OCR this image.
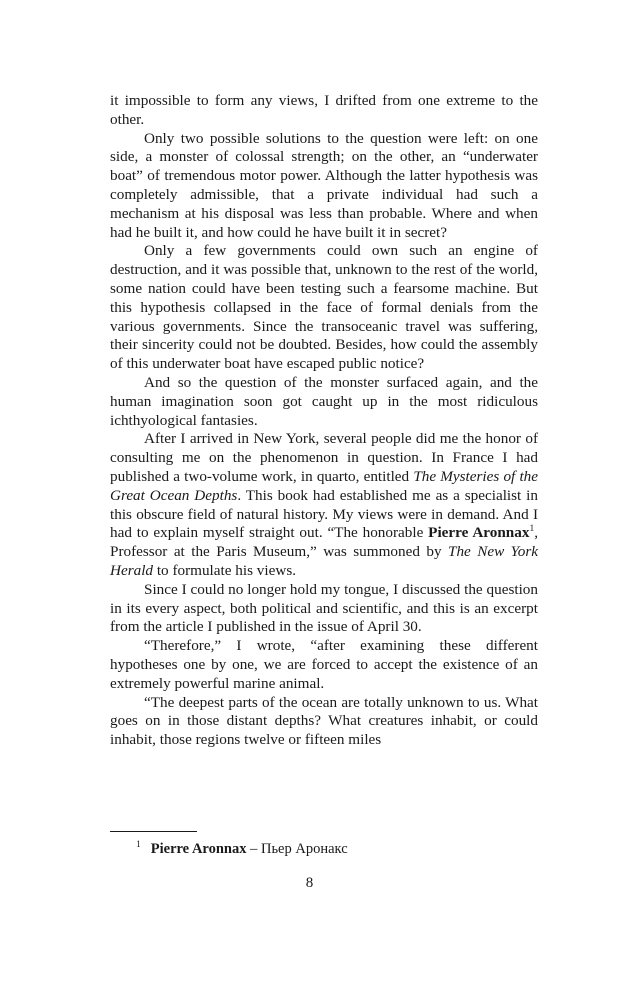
it impossible to form any views, I drifted from one extreme to the other.

Only two possible solutions to the question were left: on one side, a monster of colossal strength; on the other, an “underwater boat” of tremendous motor power. Although the latter hypothesis was completely admissible, that a private individual had such a mechanism at his disposal was less than probable. Where and when had he built it, and how could he have built it in secret?

Only a few governments could own such an engine of destruction, and it was possible that, unknown to the rest of the world, some nation could have been testing such a fearsome machine. But this hypothesis collapsed in the face of formal denials from the various governments. Since the transoceanic travel was suffering, their sincerity could not be doubted. Besides, how could the assembly of this underwater boat have escaped public notice?

And so the question of the monster surfaced again, and the human imagination soon got caught up in the most ridiculous ichthyological fantasies.

After I arrived in New York, several people did me the honor of consulting me on the phenomenon in question. In France I had published a two-volume work, in quarto, entitled The Mysteries of the Great Ocean Depths. This book had established me as a specialist in this obscure field of natural history. My views were in demand. And I had to explain myself straight out. “The honorable Pierre Aronnax$^1$, Professor at the Paris Museum,” was summoned by The New York Herald to formulate his views.

Since I could no longer hold my tongue, I discussed the question in its every aspect, both political and scientific, and this is an excerpt from the article I published in the issue of April 30.

“Therefore,” I wrote, “after examining these different hypotheses one by one, we are forced to accept the existence of an extremely powerful marine animal.

“The deepest parts of the ocean are totally unknown to us. What goes on in those distant depths? What creatures inhabit, or could inhabit, those regions twelve or fifteen miles

$^1$ Pierre Aronnax – Пьер Аронакс
8
